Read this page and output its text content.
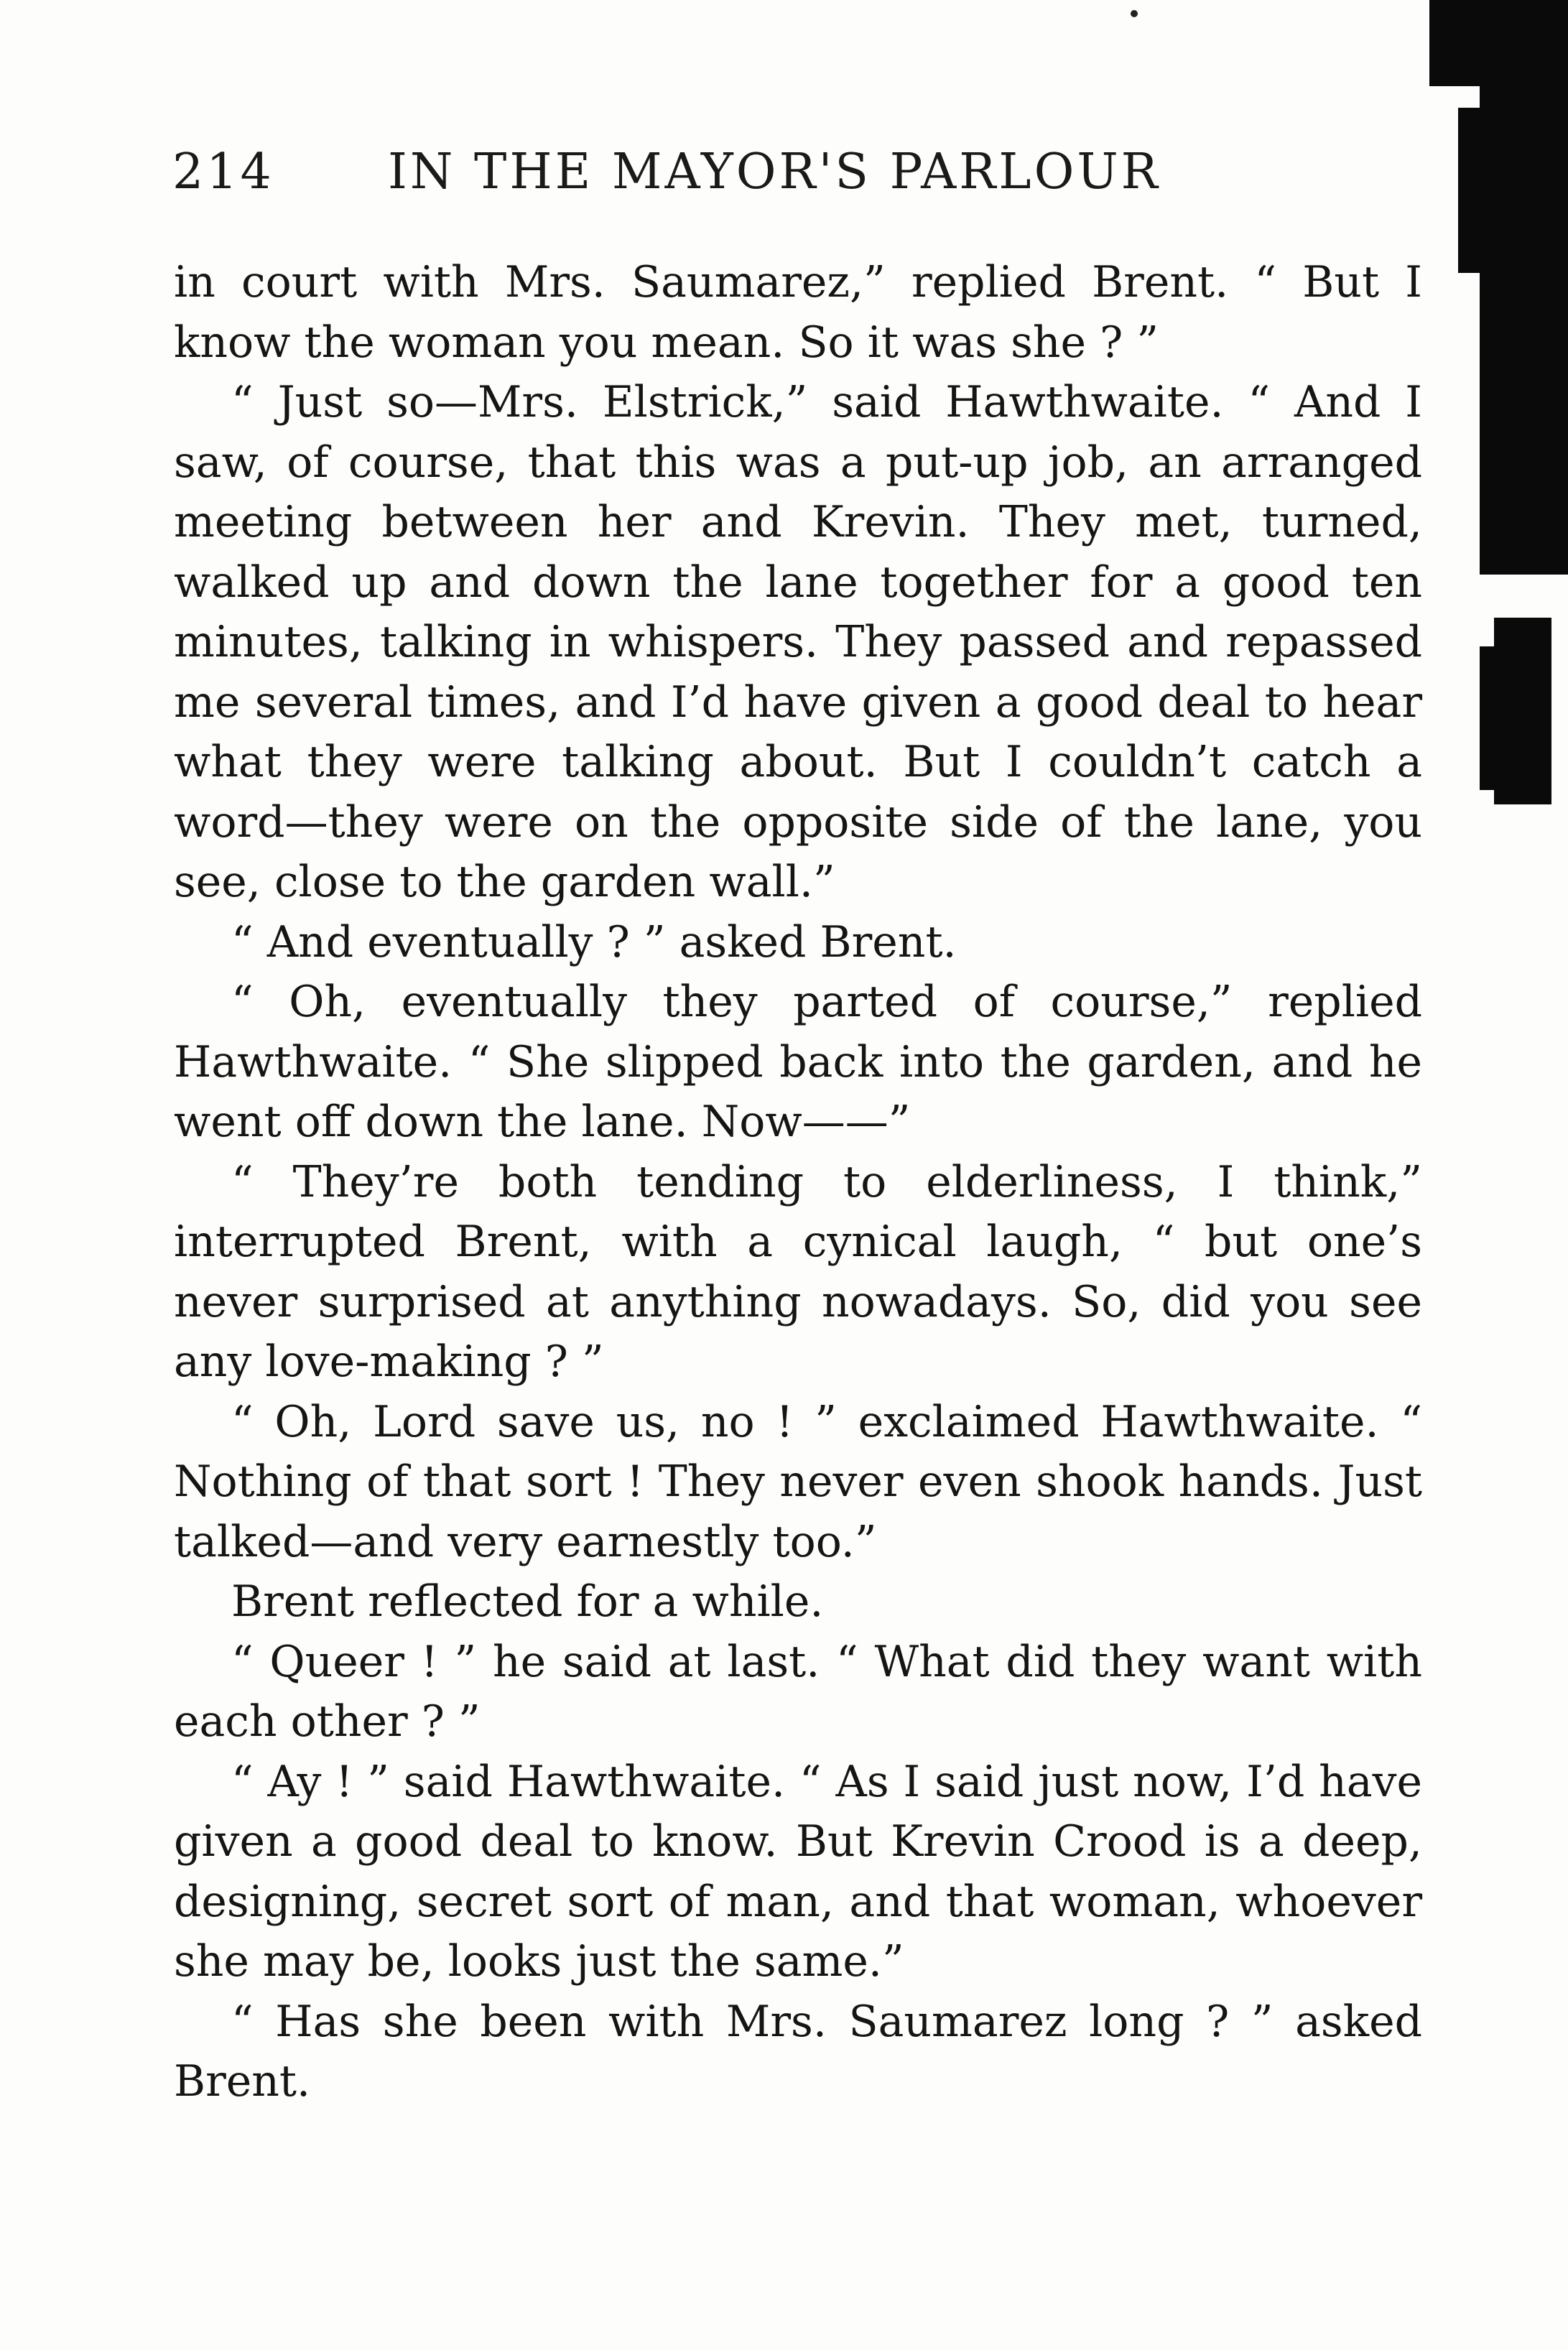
214 IN THE MAYOR'S PARLOUR

in court with Mrs. Saumarez,” replied Brent. “ But I know the woman you mean. So it was she ? ”

“ Just so—Mrs. Elstrick,” said Hawthwaite. “ And I saw, of course, that this was a put-up job, an arranged meeting between her and Krevin. They met, turned, walked up and down the lane together for a good ten minutes, talking in whispers. They passed and repassed me several times, and I’d have given a good deal to hear what they were talking about. But I couldn’t catch a word—they were on the opposite side of the lane, you see, close to the garden wall.”

“ And eventually ? ” asked Brent.

“ Oh, eventually they parted of course,” replied Hawthwaite. “ She slipped back into the garden, and he went off down the lane. Now——”

“ They’re both tending to elderliness, I think,” interrupted Brent, with a cynical laugh, “ but one’s never surprised at anything nowadays. So, did you see any love-making ? ”

“ Oh, Lord save us, no ! ” exclaimed Hawthwaite. “ Nothing of that sort ! They never even shook hands. Just talked—and very earnestly too.”

Brent reflected for a while.

“ Queer ! ” he said at last. “ What did they want with each other ? ”

“ Ay ! ” said Hawthwaite. “ As I said just now, I’d have given a good deal to know. But Krevin Crood is a deep, designing, secret sort of man, and that woman, whoever she may be, looks just the same.”

“ Has she been with Mrs. Saumarez long ? ” asked Brent.
